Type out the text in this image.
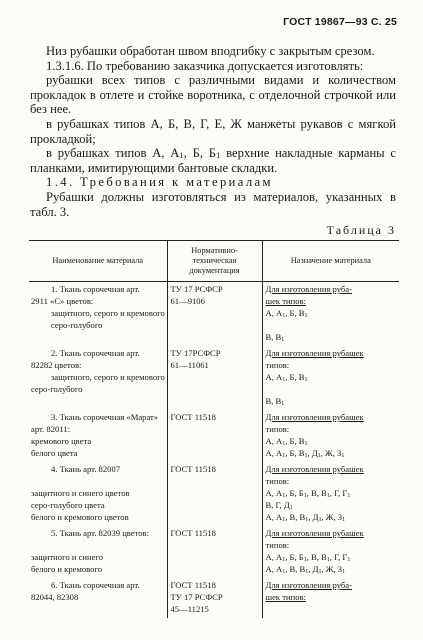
ГОСТ 19867—93 С. 25

Низ рубашки обработан швом вподгибку с закрытым срезом.

1.3.1.6. По требованию заказчика допускается изготовлять:

рубашки всех типов с различными видами и количеством прокладок в отлете и стойке воротника, с отделочной строчкой или без нее.

в рубашках типов А, Б, В, Г, Е, Ж манжеты рукавов с мягкой прокладкой;

в рубашках типов А, $А_1$, Б, $Б_1$ верхние накладные карманы с планками, имитирующими бантовые складки.

1.4. Требования к материалам

Рубашки должны изготовляться из материалов, указанных в табл. 3.

Таблица 3
Наименование материала	Нормативно-
техническая
документация	Назначение материала

1. Ткань сорочечная арт.
2911 «С» цветов:
защитного, серого и кремового
серо-голубого	ТУ 17 РСФСР
61—9106	Для изготовления руба-
шек типов:
А, $А_1$, Б, $В_1$
В, $В_1$

2. Ткань сорочечная арт.
82282 цветов:
защитного, серого и кремового
серо-голубого	ТУ 17РСФСР
61—11061	Для изготовления рубашек
типов:
А, $А_1$, Б, $В_1$
В, $В_1$

3. Ткань сорочечная «Марат»
арт. 82011:
кремового цвета
белого цвета	ГОСТ 11518	Для изготовления рубашек
типов:
А, $А_1$, Б, $В_1$
А, $А_1$, Б, $В_1$, $Д_1$, Ж, $З_1$

4. Ткань арт. 82007
защитного и синего цветов
серо-голубого цвета
белого и кремового цветов	ГОСТ 11518	Для изготовления рубашек
типов:
А, $А_1$, Б, $Б_1$, В, $В_1$, Г, $Г_1$
В, Г, $Д_1$
А, $А_1$, В, $В_1$, $Д_1$, Ж, $З_1$

5. Ткань арт. 82039 цветов:
защитного и синего
белого и кремового	ГОСТ 11518	Для изготовления рубашек
типов:
А, $А_1$, Б, $Б_1$, В, $В_1$, Г, $Г_1$
А, $А_1$, В, $В_1$, $Д_1$, Ж, $З_1$

6. Ткань сорочечная арт.
82044, 82308	ГОСТ 11518
ТУ 17 РСФСР
45—11215	Для изготовления руба-
шек типов:
